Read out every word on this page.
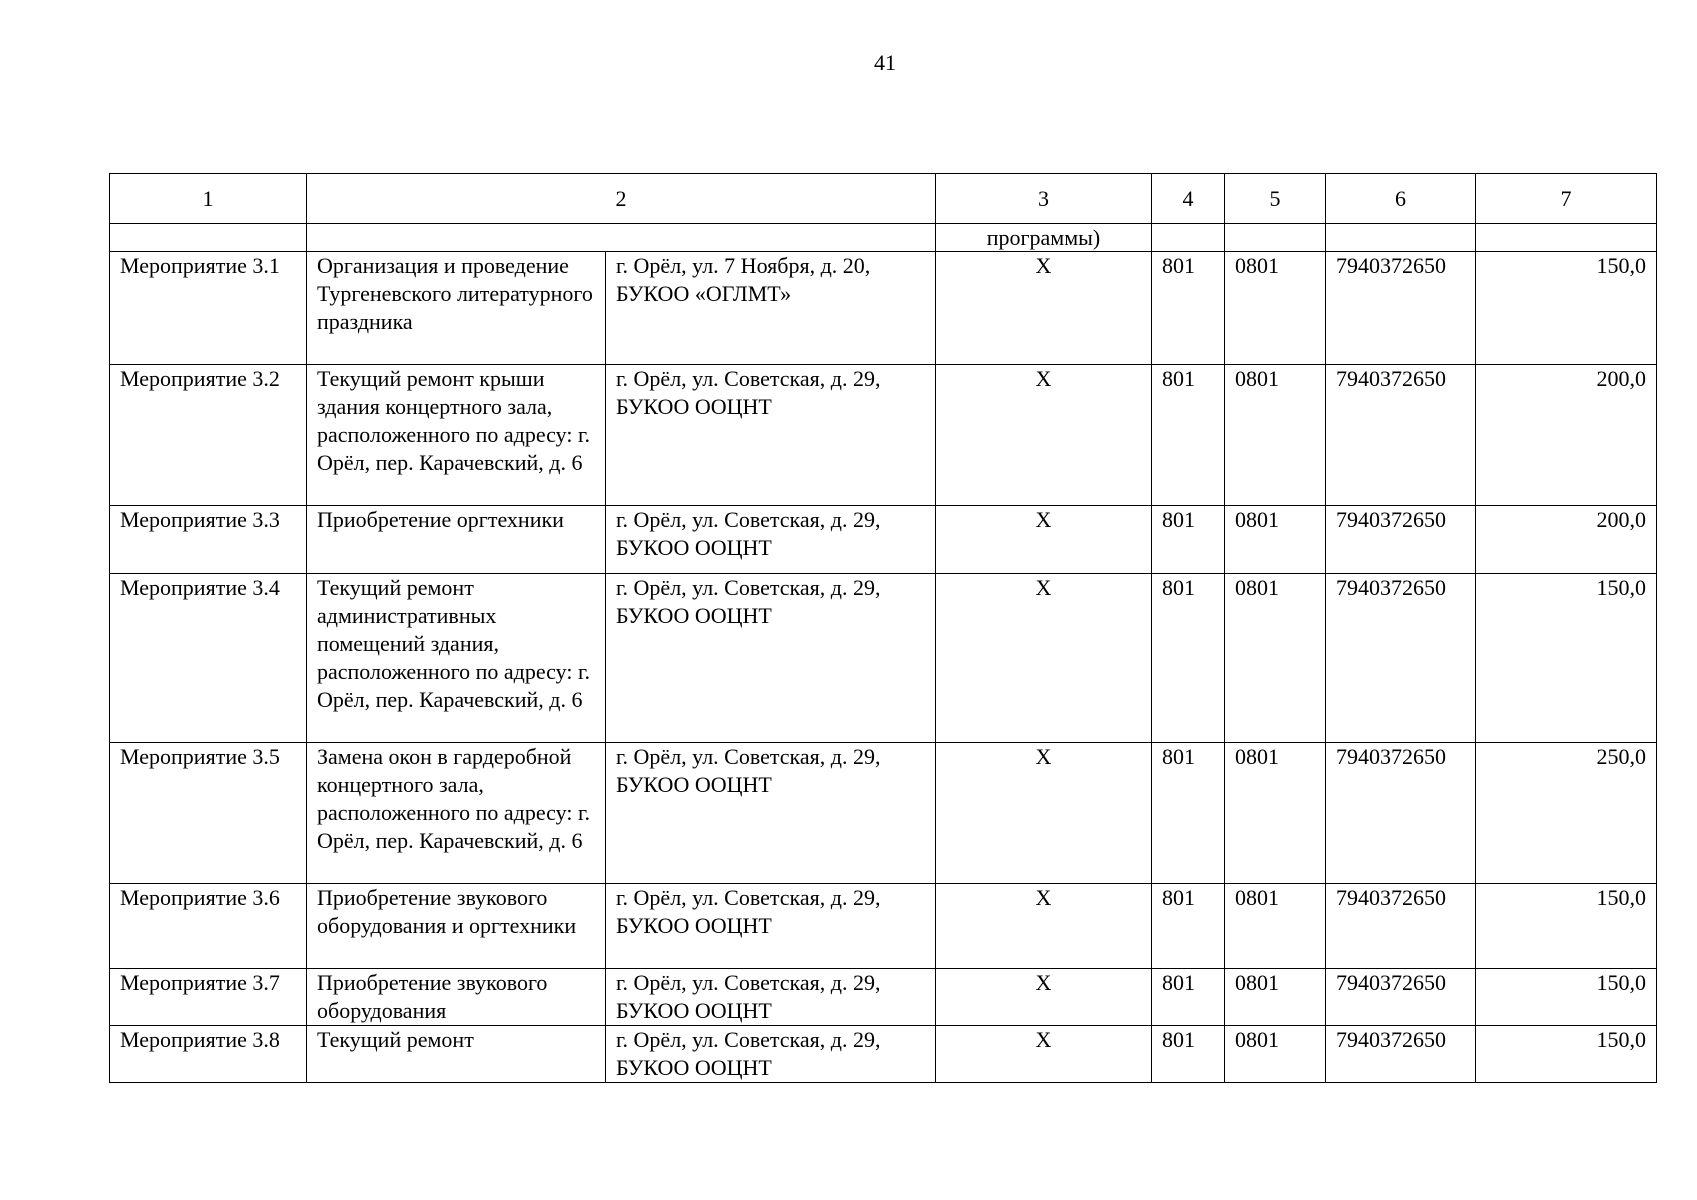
41
1	2		3	4	5	6	7
			программы)				
Мероприятие 3.1	Организация и проведение Тургеневского литературного праздника	г. Орёл, ул. 7 Ноября, д. 20, БУКОО «ОГЛМТ»	Х	801	0801	7940372650	150,0
Мероприятие 3.2	Текущий ремонт крыши здания концертного зала, расположенного по адресу: г. Орёл, пер. Карачевский, д. 6	г. Орёл, ул. Советская, д. 29, БУКОО ООЦНТ	Х	801	0801	7940372650	200,0
Мероприятие 3.3	Приобретение оргтехники	г. Орёл, ул. Советская, д. 29, БУКОО ООЦНТ	Х	801	0801	7940372650	200,0
Мероприятие 3.4	Текущий ремонт административных помещений здания, расположенного по адресу: г. Орёл, пер. Карачевский, д. 6	г. Орёл, ул. Советская, д. 29, БУКОО ООЦНТ	Х	801	0801	7940372650	150,0
Мероприятие 3.5	Замена окон в гардеробной концертного зала, расположенного по адресу: г. Орёл, пер. Карачевский, д. 6	г. Орёл, ул. Советская, д. 29, БУКОО ООЦНТ	Х	801	0801	7940372650	250,0
Мероприятие 3.6	Приобретение звукового оборудования и оргтехники	г. Орёл, ул. Советская, д. 29, БУКОО ООЦНТ	Х	801	0801	7940372650	150,0
Мероприятие 3.7	Приобретение звукового оборудования	г. Орёл, ул. Советская, д. 29, БУКОО ООЦНТ	Х	801	0801	7940372650	150,0
Мероприятие 3.8	Текущий ремонт	г. Орёл, ул. Советская, д. 29, БУКОО ООЦНТ	Х	801	0801	7940372650	150,0
